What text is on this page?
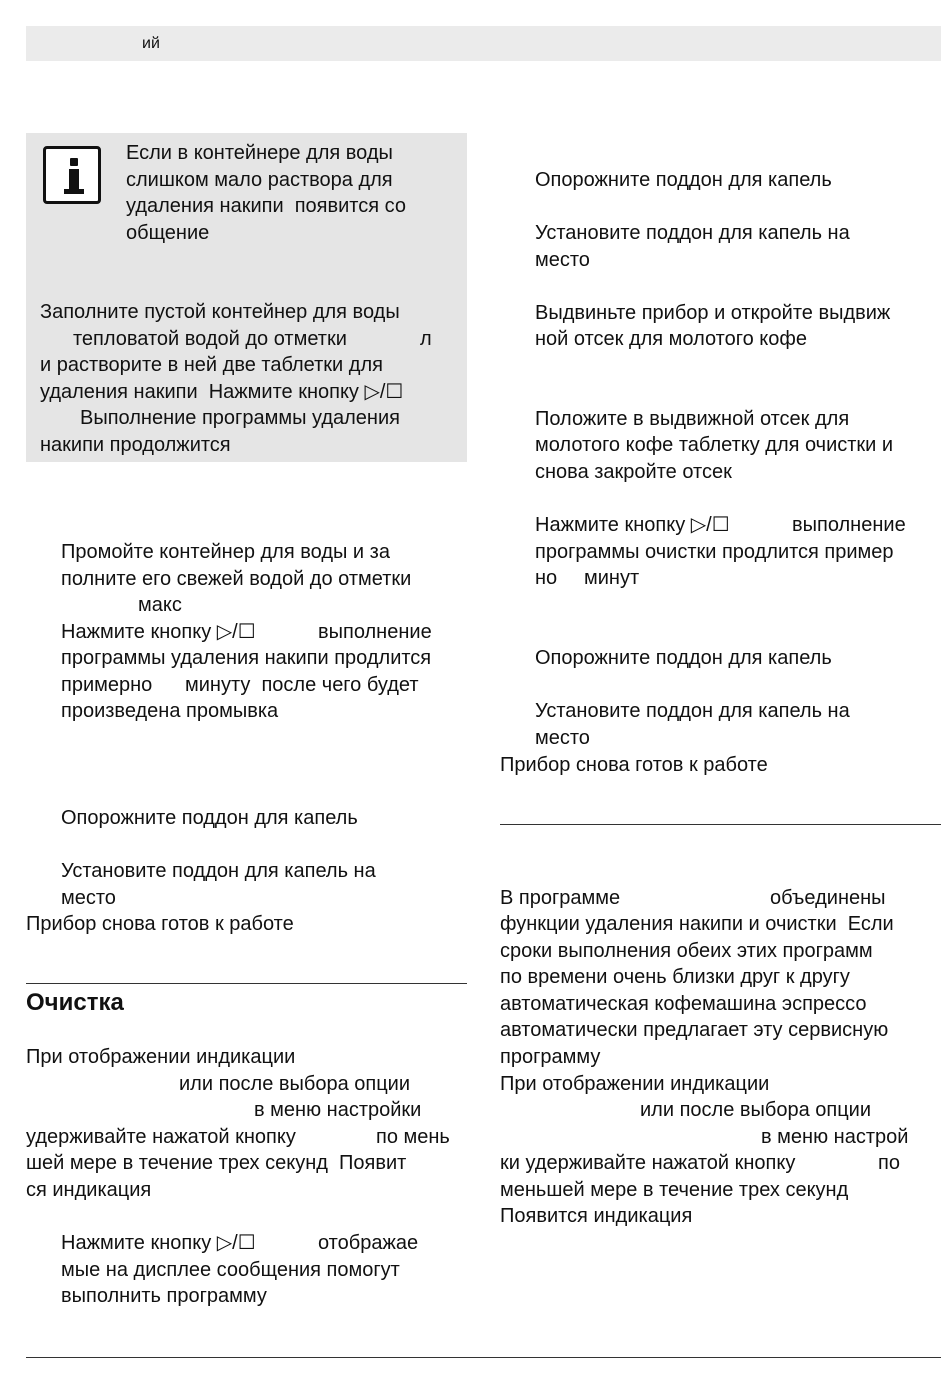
ий
Если в контейнере для воды
слишком мало раствора для
удаления накипи  появится со
общение
Заполните пустой контейнер для воды
тепловатой водой до отметки	л
и растворите в ней две таблетки для
удаления накипи  Нажмите кнопку ▷/☐
Выполнение программы удаления
накипи продолжится
Промойте контейнер для воды и за
полните его свежей водой до отметки
макс
Нажмите кнопку ▷/☐	выполнение
программы удаления накипи продлится
примерно минуту  после чего будет
произведена промывка
Опорожните поддон для капель
Установите поддон для капель на
место
Прибор снова готов к работе
Очистка
При отображении индикации
или после выбора опции
в меню настройки
удерживайте нажатой кнопку	по мень
шей мере в течение трех секунд  Появит
ся индикация
Нажмите кнопку ▷/☐	отображае
мые на дисплее сообщения помогут
выполнить программу
Опорожните поддон для капель
Установите поддон для капель на
место
Выдвиньте прибор и откройте выдвиж
ной отсек для молотого кофе
Положите в выдвижной отсек для
молотого кофе таблетку для очистки и
снова закройте отсек
Нажмите кнопку ▷/☐	выполнение
программы очистки продлится пример
но минут
Опорожните поддон для капель
Установите поддон для капель на
место
Прибор снова готов к работе
В программе	объединены
функции удаления накипи и очистки  Если
сроки выполнения обеих этих программ
по времени очень близки друг к другу
автоматическая кофемашина эспрессо
автоматически предлагает эту сервисную
программу
При отображении индикации
или после выбора опции
в меню настрой
ки удерживайте нажатой кнопку	по
меньшей мере в течение трех секунд
Появится индикация
